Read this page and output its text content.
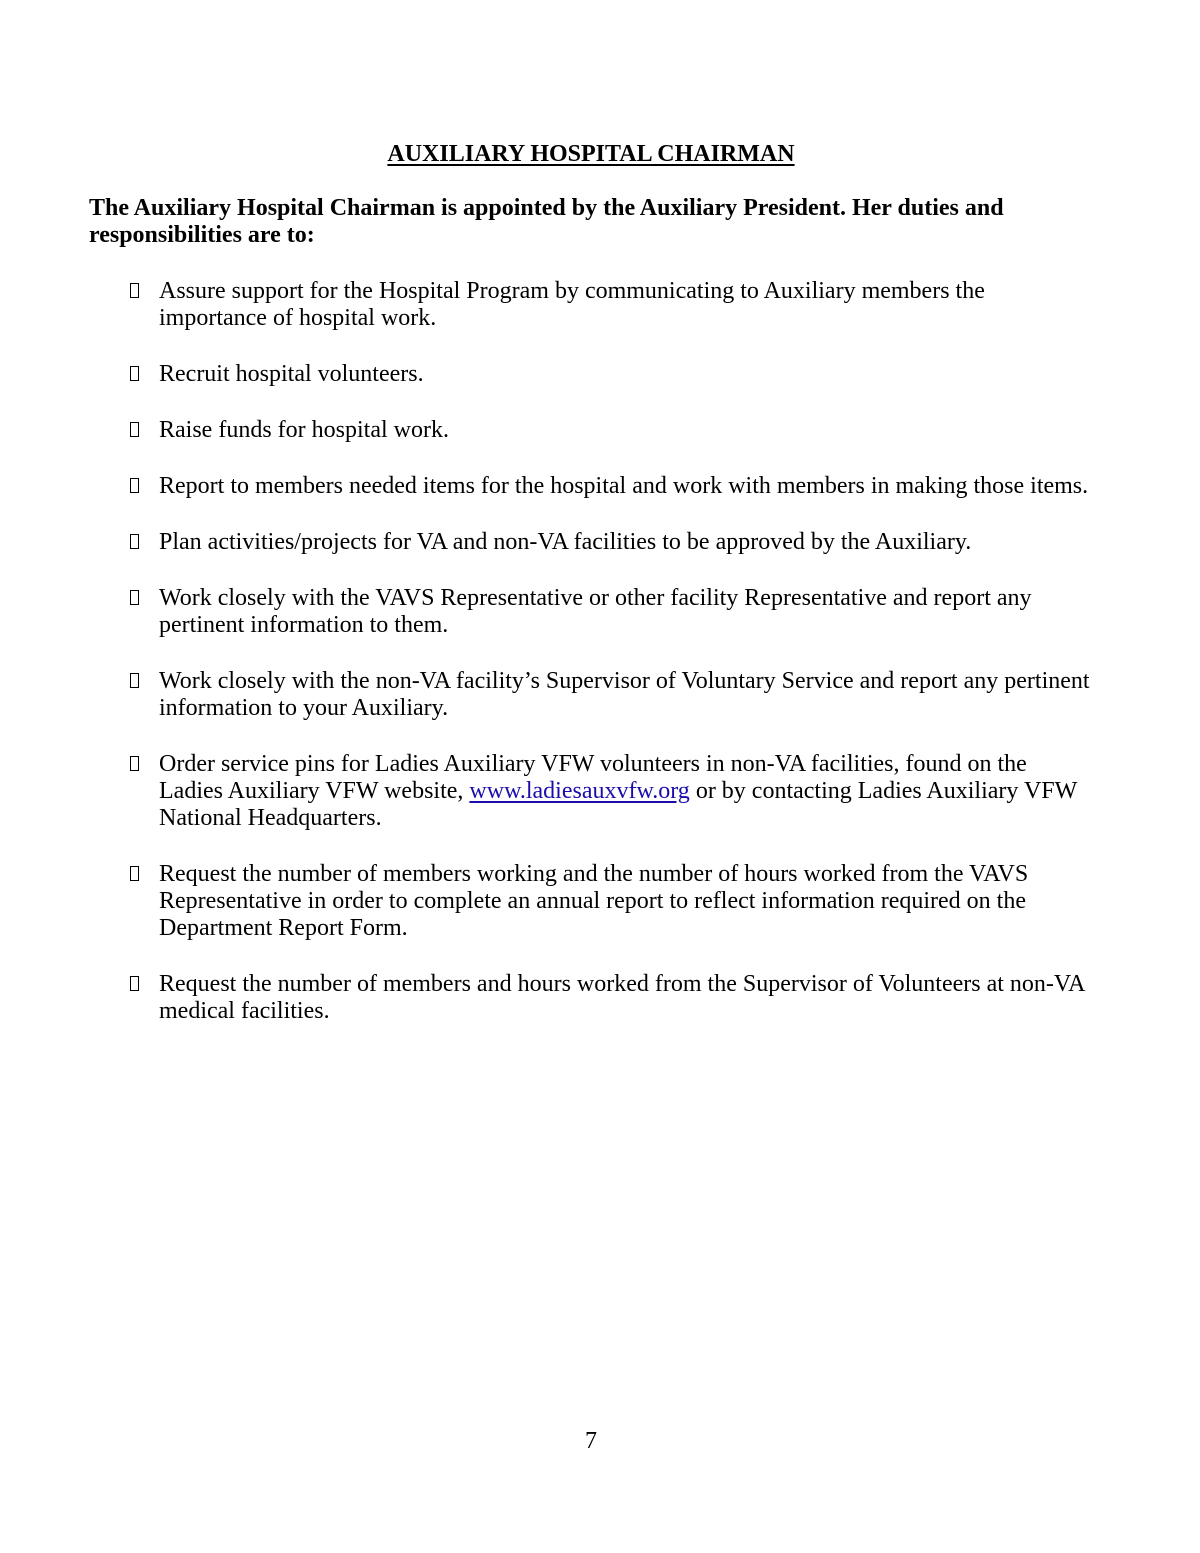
AUXILIARY HOSPITAL CHAIRMAN

The Auxiliary Hospital Chairman is appointed by the Auxiliary President. Her duties and responsibilities are to:

Assure support for the Hospital Program by communicating to Auxiliary members the importance of hospital work.
Recruit hospital volunteers.
Raise funds for hospital work.
Report to members needed items for the hospital and work with members in making those items.
Plan activities/projects for VA and non-VA facilities to be approved by the Auxiliary.
Work closely with the VAVS Representative or other facility Representative and report any pertinent information to them.
Work closely with the non-VA facility’s Supervisor of Voluntary Service and report any pertinent information to your Auxiliary.
Order service pins for Ladies Auxiliary VFW volunteers in non-VA facilities, found on the Ladies Auxiliary VFW website, www.ladiesauxvfw.org or by contacting Ladies Auxiliary VFW National Headquarters.
Request the number of members working and the number of hours worked from the VAVS Representative in order to complete an annual report to reflect information required on the Department Report Form.
Request the number of members and hours worked from the Supervisor of Volunteers at non-VA medical facilities.

7
